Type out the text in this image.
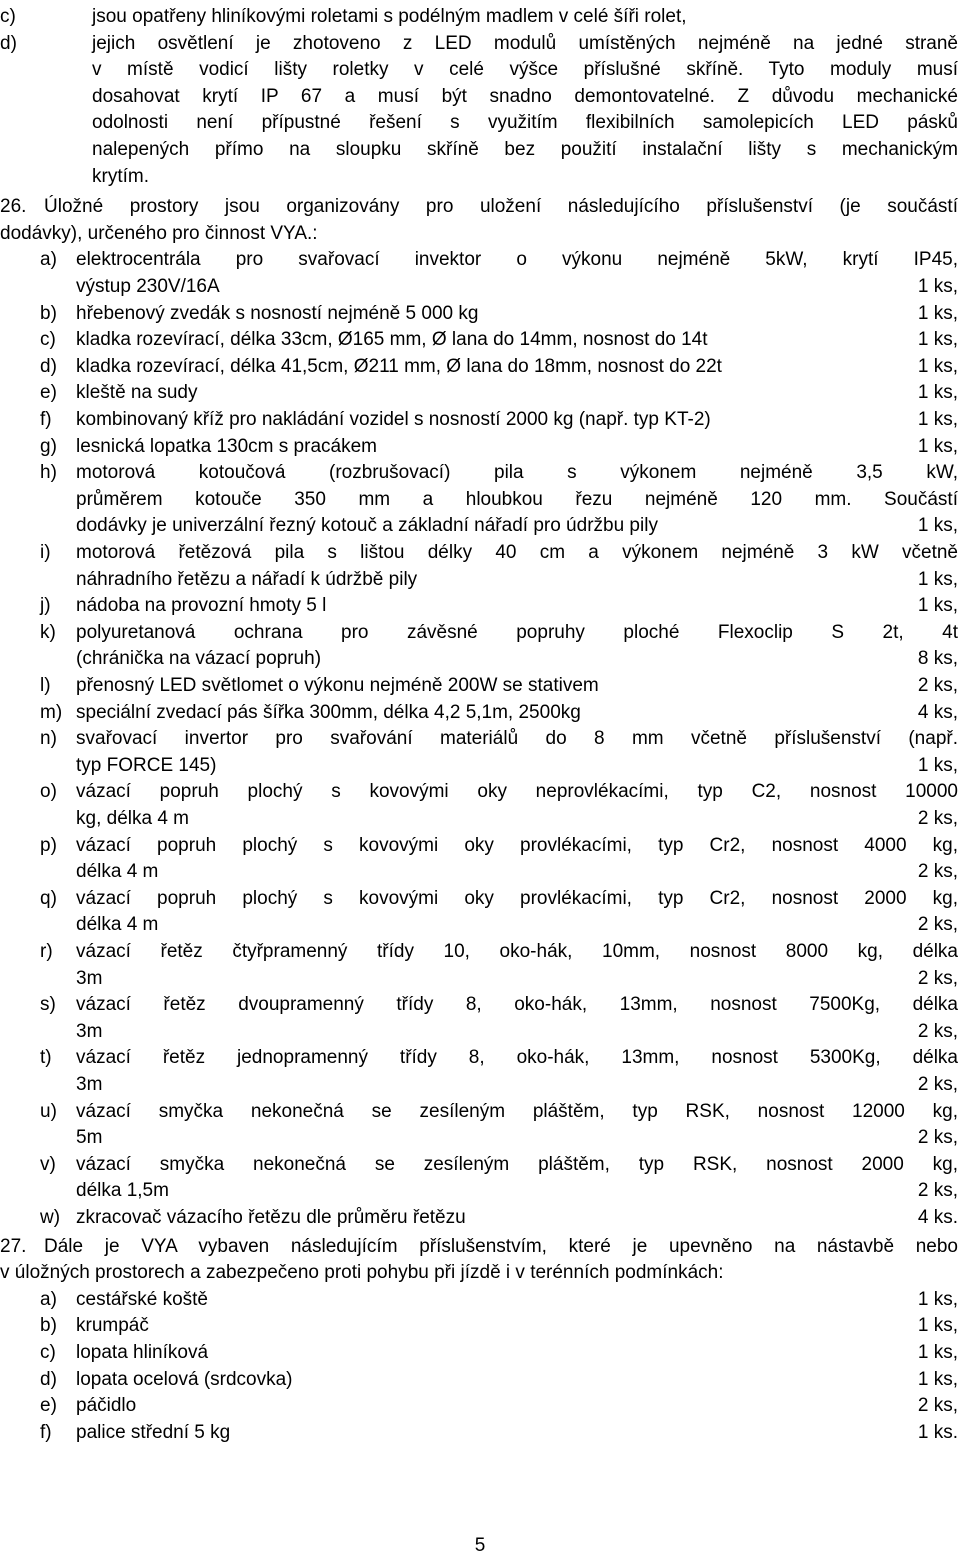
c)	jsou opatřeny hliníkovými roletami s podélným madlem v celé šíři rolet,
d)	jejich osvětlení je zhotoveno z LED modulů umístěných nejméně na jedné straně
v místě vodicí lišty roletky v celé výšce příslušné skříně. Tyto moduly musí
dosahovat krytí IP 67 a musí být snadno demontovatelné. Z důvodu mechanické
odolnosti není přípustné řešení s využitím flexibilních samolepicích LED pásků
nalepených přímo na sloupku skříně bez použití instalační lišty s mechanickým
krytím.
26. Úložné prostory jsou organizovány pro uložení následujícího příslušenství (je součástí
dodávky), určeného pro činnost VYA.:
a) elektrocentrála pro svařovací invektor o výkonu nejméně 5kW, krytí IP45,
výstup 230V/16A	1 ks,
b) hřebenový zvedák s nosností nejméně 5 000 kg	1 ks,
c) kladka rozevírací, délka 33cm, Ø165 mm, Ø lana do 14mm, nosnost do 14t	1 ks,
d) kladka rozevírací, délka 41,5cm, Ø211 mm, Ø lana do 18mm, nosnost do 22t	1 ks,
e) kleště na sudy	1 ks,
f) kombinovaný kříž pro nakládání vozidel s nosností 2000 kg (např. typ KT-2)	1 ks,
g) lesnická lopatka 130cm s pracákem	1 ks,
h) motorová kotoučová (rozbrušovací) pila s výkonem nejméně 3,5 kW,
průměrem kotouče 350 mm a hloubkou řezu nejméně 120 mm. Součástí
dodávky je univerzální řezný kotouč a základní nářadí pro údržbu pily	1 ks,
i) motorová řetězová pila s lištou délky 40 cm a výkonem nejméně 3 kW včetně
náhradního řetězu a nářadí k údržbě pily	1 ks,
j) nádoba na provozní hmoty 5 l	1 ks,
k) polyuretanová ochrana pro závěsné popruhy ploché Flexoclip S 2t, 4t
(chránička na vázací popruh)	8 ks,
l) přenosný LED světlomet o výkonu nejméně 200W se stativem	2 ks,
m) speciální zvedací pás šířka 300mm, délka 4,2 5,1m, 2500kg	4 ks,
n) svařovací invertor pro svařování materiálů do 8 mm včetně příslušenství (např.
typ FORCE 145)	1 ks,
o) vázací popruh plochý s kovovými oky neprovlékacími, typ C2, nosnost 10000
kg, délka 4 m	2 ks,
p) vázací popruh plochý s kovovými oky provlékacími, typ Cr2, nosnost 4000 kg,
délka 4 m	2 ks,
q) vázací popruh plochý s kovovými oky provlékacími, typ Cr2, nosnost 2000 kg,
délka 4 m	2 ks,
r) vázací řetěz čtyřpramenný třídy 10, oko-hák, 10mm, nosnost 8000 kg, délka
3m	2 ks,
s) vázací řetěz dvoupramenný třídy 8, oko-hák, 13mm, nosnost 7500Kg, délka
3m	2 ks,
t) vázací řetěz jednopramenný třídy 8, oko-hák, 13mm, nosnost 5300Kg, délka
3m	2 ks,
u) vázací smyčka nekonečná se zesíleným pláštěm, typ RSK, nosnost 12000 kg,
5m	2 ks,
v) vázací smyčka nekonečná se zesíleným pláštěm, typ RSK, nosnost 2000 kg,
délka 1,5m	2 ks,
w) zkracovač vázacího řetězu dle průměru řetězu	4 ks.
27. Dále je VYA vybaven následujícím příslušenstvím, které je upevněno na nástavbě nebo
v úložných prostorech a zabezpečeno proti pohybu při jízdě i v terénních podmínkách:
a) cestářské koště	1 ks,
b) krumpáč	1 ks,
c) lopata hliníková	1 ks,
d) lopata ocelová (srdcovka)	1 ks,
e) páčidlo	2 ks,
f) palice střední 5 kg	1 ks.
5
